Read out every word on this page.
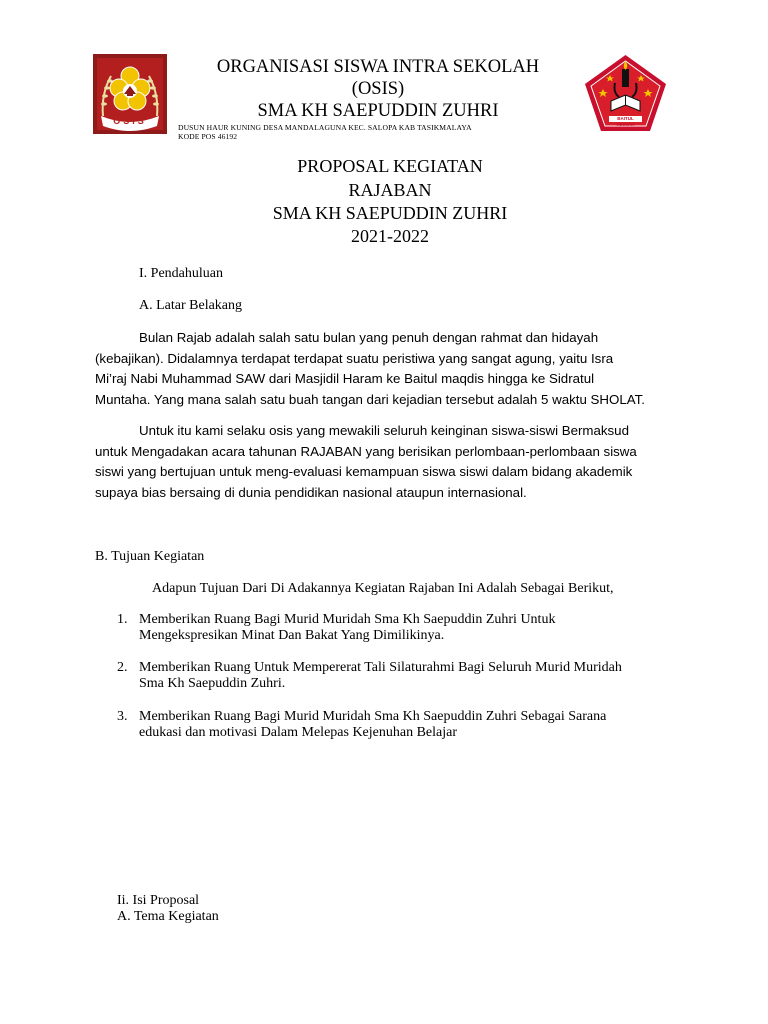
OSIS	BAITUL HIKMAH
ORGANISASI SISWA INTRA SEKOLAH
(OSIS)
SMA KH SAEPUDDIN ZUHRI
DUSUN HAUR KUNING DESA MANDALAGUNA KEC. SALOPA KAB TASIKMALAYA
KODE POS 46192
PROPOSAL KEGIATAN
RAJABAN
SMA KH SAEPUDDIN ZUHRI
2021-2022
I. Pendahuluan
A. Latar Belakang
Bulan Rajab adalah salah satu bulan yang penuh dengan rahmat dan hidayah
(kebajikan). Didalamnya terdapat terdapat suatu peristiwa yang sangat agung, yaitu Isra
Mi’raj Nabi Muhammad SAW dari Masjidil Haram ke Baitul maqdis hingga ke Sidratul
Muntaha. Yang mana salah satu buah tangan dari kejadian tersebut adalah 5 waktu SHOLAT.
Untuk itu kami selaku osis yang mewakili seluruh keinginan siswa-siswi Bermaksud
untuk Mengadakan acara tahunan RAJABAN yang berisikan perlombaan-perlombaan siswa
siswi yang bertujuan untuk meng-evaluasi kemampuan siswa siswi dalam bidang akademik
supaya bias bersaing di dunia pendidikan nasional ataupun internasional.
B. Tujuan Kegiatan
Adapun Tujuan Dari Di Adakannya Kegiatan Rajaban Ini Adalah Sebagai Berikut,
1. Memberikan Ruang Bagi Murid Muridah Sma Kh Saepuddin Zuhri Untuk
Mengekspresikan Minat Dan Bakat Yang Dimilikinya.
2. Memberikan Ruang Untuk Mempererat Tali Silaturahmi Bagi Seluruh Murid Muridah
Sma Kh Saepuddin Zuhri.
3. Memberikan Ruang Bagi Murid Muridah Sma Kh Saepuddin Zuhri Sebagai Sarana
edukasi dan motivasi Dalam Melepas Kejenuhan Belajar
Ii. Isi Proposal
A. Tema Kegiatan
